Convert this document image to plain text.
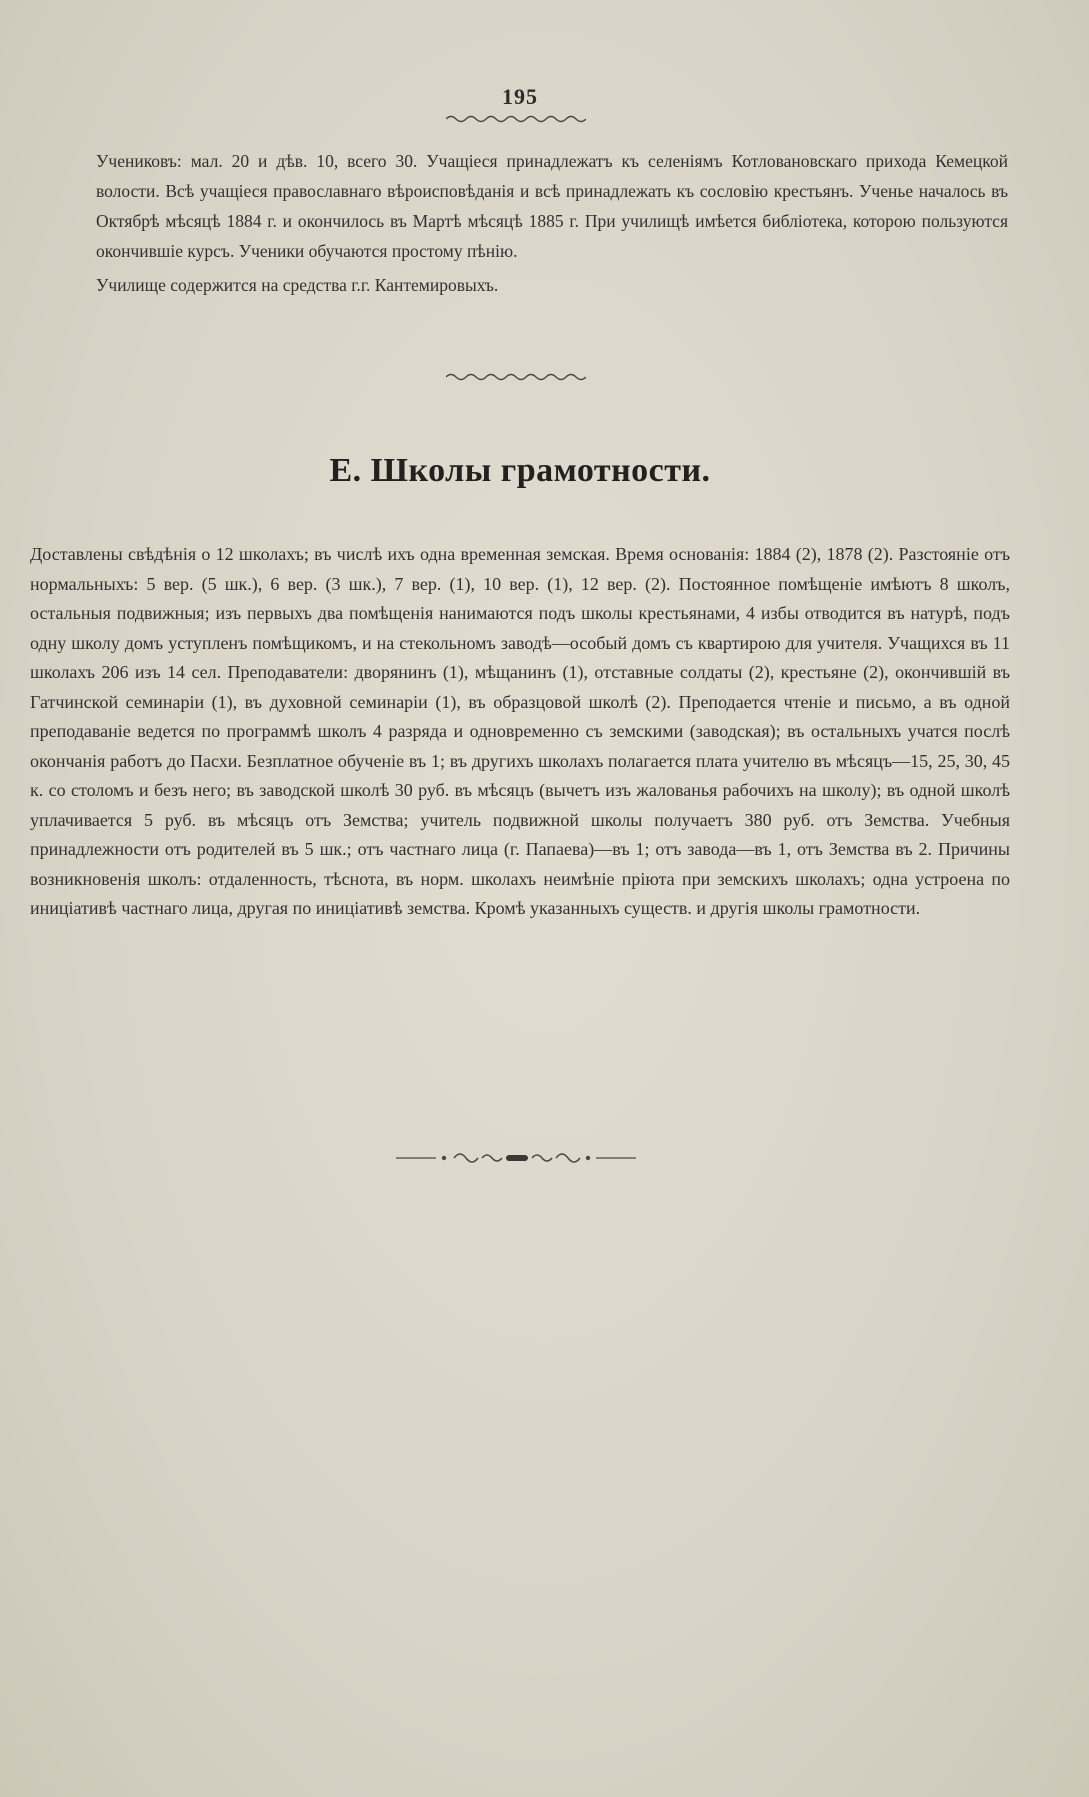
195

Учениковъ: мал. 20 и дѣв. 10, всего 30. Учащіеся принадлежатъ къ селеніямъ Котловановскаго прихода Кемецкой волости. Всѣ учащіеся православнаго вѣроисповѣданія и всѣ принадлежать къ сословію крестьянъ. Ученье началось въ Октябрѣ мѣсяцѣ 1884 г. и окончилось въ Мартѣ мѣсяцѣ 1885 г. При училищѣ имѣется библіотека, которою пользуются окончившіе курсъ. Ученики обучаются простому пѣнію.

Училище содержится на средства г.г. Кантемировыхъ.

Е. Школы грамотности.

Доставлены свѣдѣнія о 12 школахъ; въ числѣ ихъ одна временная земская. Время основанія: 1884 (2), 1878 (2). Разстояніе отъ нормальныхъ: 5 вер. (5 шк.), 6 вер. (3 шк.), 7 вер. (1), 10 вер. (1), 12 вер. (2). Постоянное помѣщеніе имѣютъ 8 школъ, остальныя подвижныя; изъ первыхъ два помѣщенія нанимаются подъ школы крестьянами, 4 избы отводится въ натурѣ, подъ одну школу домъ уступленъ помѣщикомъ, и на стекольномъ заводѣ—особый домъ съ квартирою для учителя. Учащихся въ 11 школахъ 206 изъ 14 сел. Преподаватели: дворянинъ (1), мѣщанинъ (1), отставные солдаты (2), крестьяне (2), окончившій въ Гатчинской семинаріи (1), въ духовной семинаріи (1), въ образцовой школѣ (2). Преподается чтеніе и письмо, а въ одной преподаваніе ведется по программѣ школъ 4 разряда и одновременно съ земскими (заводская); въ остальныхъ учатся послѣ окончанія работъ до Пасхи. Безплатное обученіе въ 1; въ другихъ школахъ полагается плата учителю въ мѣсяцъ—15, 25, 30, 45 к. со столомъ и безъ него; въ заводской школѣ 30 руб. въ мѣсяцъ (вычетъ изъ жалованья рабочихъ на школу); въ одной школѣ уплачивается 5 руб. въ мѣсяцъ отъ Земства; учитель подвижной школы получаетъ 380 руб. отъ Земства. Учебныя принадлежности отъ родителей въ 5 шк.; отъ частнаго лица (г. Папаева)—въ 1; отъ завода—въ 1, отъ Земства въ 2. Причины возникновенія школъ: отдаленность, тѣснота, въ норм. школахъ неимѣніе пріюта при земскихъ школахъ; одна устроена по иниціативѣ частнаго лица, другая по иниціативѣ земства. Кромѣ указанныхъ существ. и другія школы грамотности.
